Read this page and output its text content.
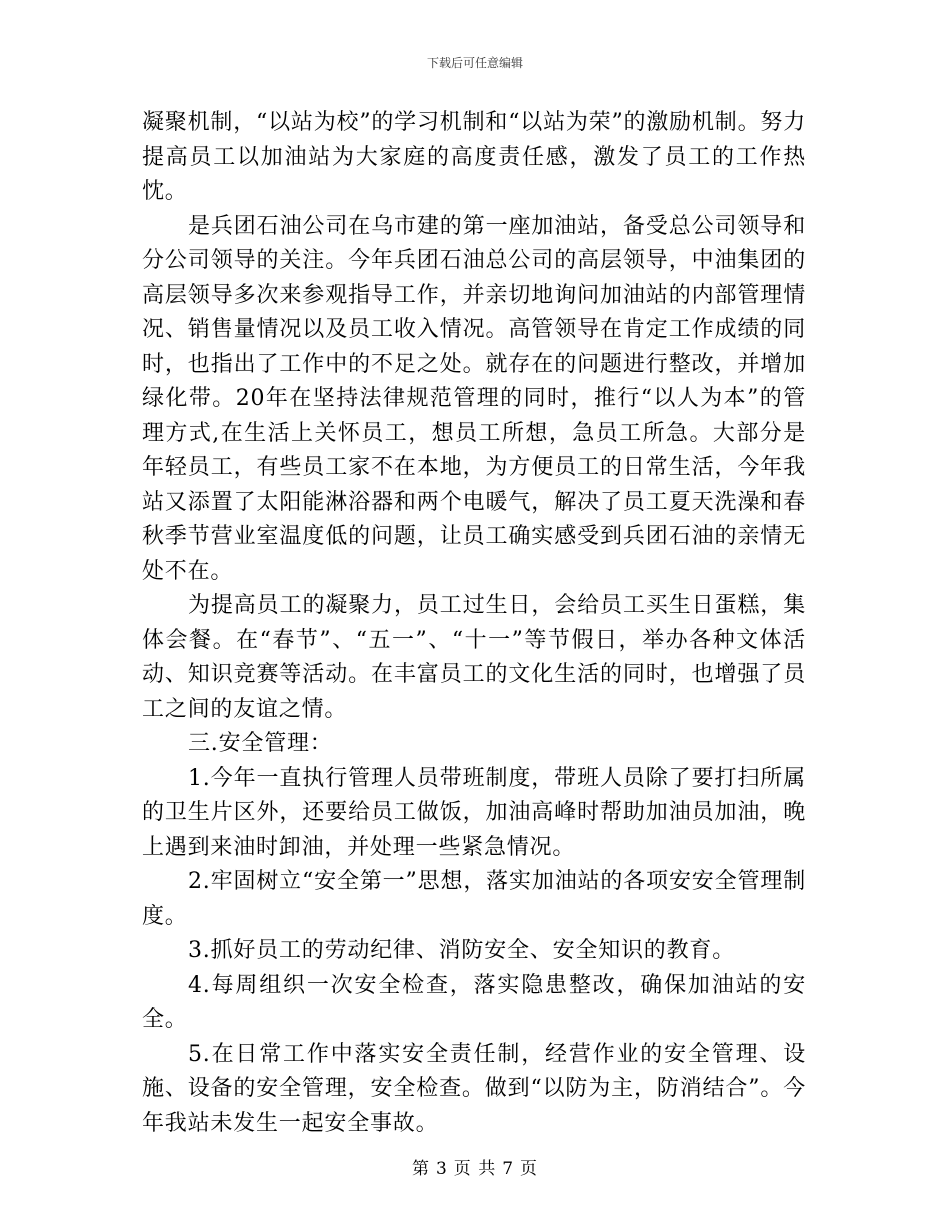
下载后可任意编辑

凝聚机制，“以站为校”的学习机制和“以站为荣”的激励机制。努力提高员工以加油站为大家庭的高度责任感，激发了员工的工作热忱。

是兵团石油公司在乌市建的第一座加油站，备受总公司领导和分公司领导的关注。今年兵团石油总公司的高层领导，中油集团的高层领导多次来参观指导工作，并亲切地询问加油站的内部管理情况、销售量情况以及员工收入情况。高管领导在肯定工作成绩的同时，也指出了工作中的不足之处。就存在的问题进行整改，并增加绿化带。20年在坚持法律规范管理的同时，推行“以人为本”的管理方式,在生活上关怀员工，想员工所想，急员工所急。大部分是年轻员工，有些员工家不在本地，为方便员工的日常生活，今年我站又添置了太阳能淋浴器和两个电暖气，解决了员工夏天洗澡和春秋季节营业室温度低的问题，让员工确实感受到兵团石油的亲情无处不在。

为提高员工的凝聚力，员工过生日，会给员工买生日蛋糕，集体会餐。在“春节”、“五一”、“十一”等节假日，举办各种文体活动、知识竞赛等活动。在丰富员工的文化生活的同时，也增强了员工之间的友谊之情。

三.安全管理：

1.今年一直执行管理人员带班制度，带班人员除了要打扫所属的卫生片区外，还要给员工做饭，加油高峰时帮助加油员加油，晚上遇到来油时卸油，并处理一些紧急情况。

2.牢固树立“安全第一”思想，落实加油站的各项安安全管理制度。

3.抓好员工的劳动纪律、消防安全、安全知识的教育。

4.每周组织一次安全检查，落实隐患整改，确保加油站的安全。

5.在日常工作中落实安全责任制，经营作业的安全管理、设施、设备的安全管理，安全检查。做到“以防为主，防消结合”。今年我站未发生一起安全事故。

第 3 页 共 7 页
